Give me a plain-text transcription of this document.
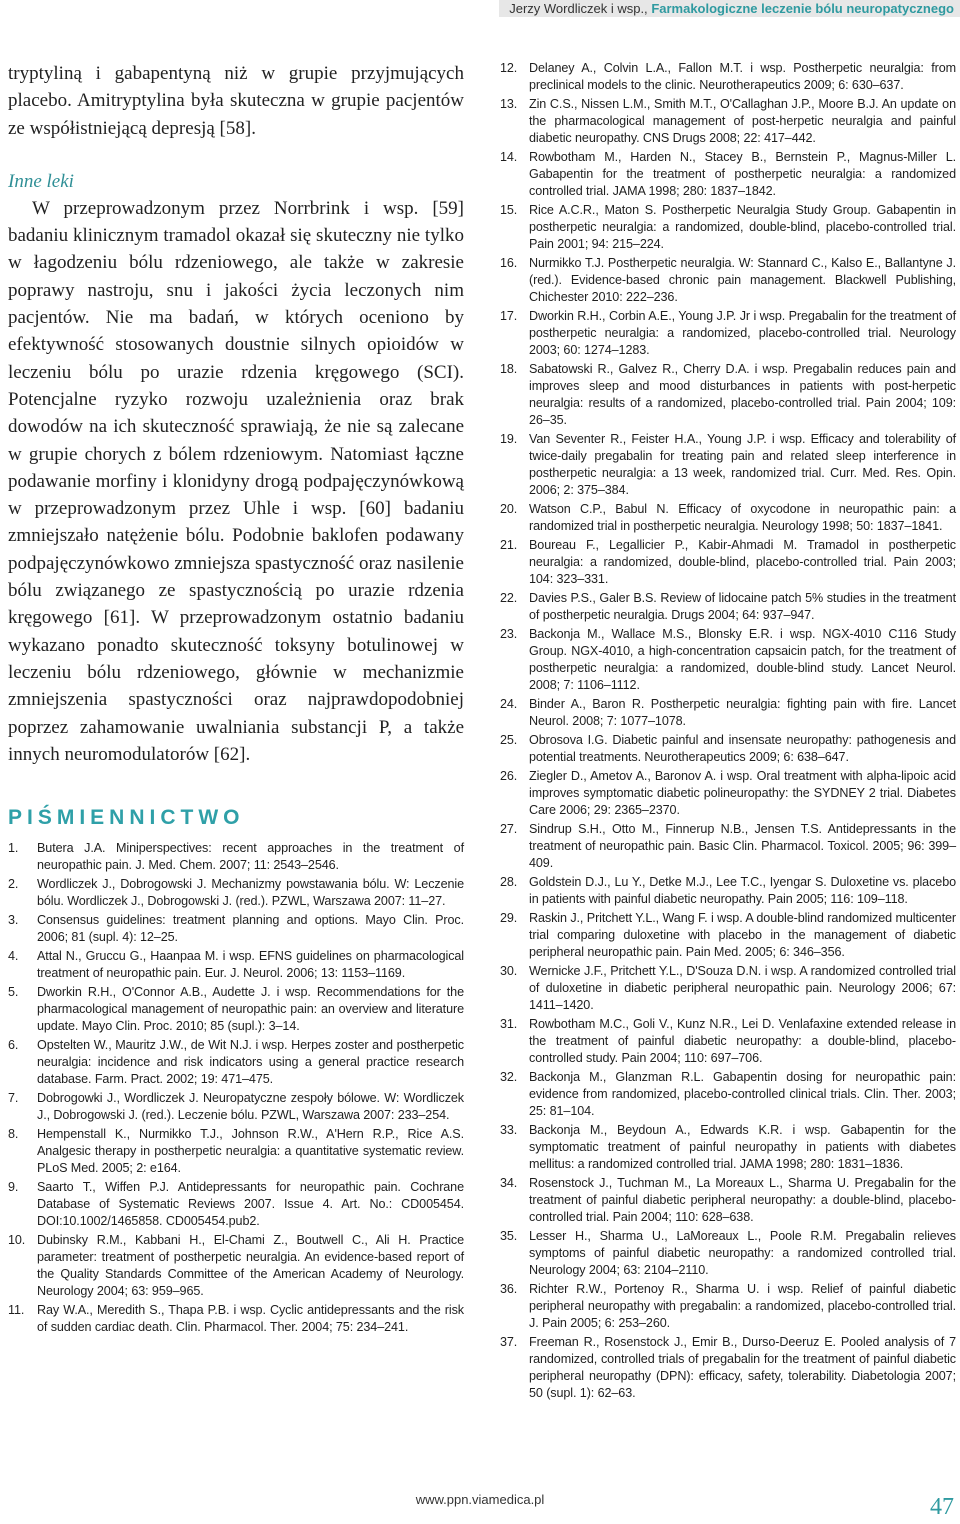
Jerzy Wordliczek i wsp., Farmakologiczne leczenie bólu neuropatycznego

tryptyliną i gabapentyną niż w grupie przyjmujących placebo. Amitryptylina była skuteczna w grupie pacjentów ze współistniejącą depresją [58].

Inne leki

W przeprowadzonym przez Norrbrink i wsp. [59] badaniu klinicznym tramadol okazał się skuteczny nie tylko w łagodzeniu bólu rdzeniowego, ale także w zakresie poprawy nastroju, snu i jakości życia leczonych nim pacjentów. Nie ma badań, w których oceniono by efektywność stosowanych doustnie silnych opioidów w leczeniu bólu po urazie rdzenia kręgowego (SCI). Potencjalne ryzyko rozwoju uzależnienia oraz brak dowodów na ich skuteczność sprawiają, że nie są zalecane w grupie chorych z bólem rdzeniowym. Natomiast łączne podawanie morfiny i klonidyny drogą podpajęczynówkową w przeprowadzonym przez Uhle i wsp. [60] badaniu zmniejszało natężenie bólu. Podobnie baklofen podawany podpajęczynówkowo zmniejsza spastyczność oraz nasilenie bólu związanego ze spastycznością po urazie rdzenia kręgowego [61]. W przeprowadzonym ostatnio badaniu wykazano ponadto skuteczność toksyny botulinowej w leczeniu bólu rdzeniowego, głównie w mechanizmie zmniejszenia spastyczności oraz najprawdopodobniej poprzez zahamowanie uwalniania substancji P, a także innych neuromodulatorów [62].

PIŚMIENNICTWO
1.	Butera J.A. Miniperspectives: recent approaches in the treatment of neuropathic pain. J. Med. Chem. 2007; 11: 2543–2546.
2.	Wordliczek J., Dobrogowski J. Mechanizmy powstawania bólu. W: Leczenie bólu. Wordliczek J., Dobrogowski J. (red.). PZWL, Warszawa 2007: 11–27.
3.	Consensus guidelines: treatment planning and options. Mayo Clin. Proc. 2006; 81 (supl. 4): 12–25.
4.	Attal N., Gruccu G., Haanpaa M. i wsp. EFNS guidelines on pharmacological treatment of neuropathic pain. Eur. J. Neurol. 2006; 13: 1153–1169.
5.	Dworkin R.H., O'Connor A.B., Audette J. i wsp. Recommendations for the pharmacological management of neuropathic pain: an overview and literature update. Mayo Clin. Proc. 2010; 85 (supl.): 3–14.
6.	Opstelten W., Mauritz J.W., de Wit N.J. i wsp. Herpes zoster and postherpetic neuralgia: incidence and risk indicators using a general practice research database. Farm. Pract. 2002; 19: 471–475.
7.	Dobrogowki J., Wordliczek J. Neuropatyczne zespoły bólowe. W: Wordliczek J., Dobrogowski J. (red.). Leczenie bólu. PZWL, Warszawa 2007: 233–254.
8.	Hempenstall K., Nurmikko T.J., Johnson R.W., A'Hern R.P., Rice A.S. Analgesic therapy in postherpetic neuralgia: a quantitative systematic review. PLoS Med. 2005; 2: e164.
9.	Saarto T., Wiffen P.J. Antidepressants for neuropathic pain. Cochrane Database of Systematic Reviews 2007. Issue 4. Art. No.: CD005454. DOI:10.1002/1465858. CD005454.pub2.
10. Dubinsky R.M., Kabbani H., El-Chami Z., Boutwell C., Ali H. Practice parameter: treatment of postherpetic neuralgia. An evidence-based report of the Quality Standards Committee of the American Academy of Neurology. Neurology 2004; 63: 959–965.
11.	Ray W.A., Meredith S., Thapa P.B. i wsp. Cyclic antidepressants and the risk of sudden cardiac death. Clin. Pharmacol. Ther. 2004; 75: 234–241.
12. Delaney A., Colvin L.A., Fallon M.T. i wsp. Postherpetic neuralgia: from preclinical models to the clinic. Neurotherapeutics 2009; 6: 630–637.
13. Zin C.S., Nissen L.M., Smith M.T., O'Callaghan J.P., Moore B.J. An update on the pharmacological management of post-herpetic neuralgia and painful diabetic neuropathy. CNS Drugs 2008; 22: 417–442.
14. Rowbotham M., Harden N., Stacey B., Bernstein P., Magnus-Miller L. Gabapentin for the treatment of postherpetic neuralgia: a randomized controlled trial. JAMA 1998; 280: 1837–1842.
15. Rice A.C.R., Maton S. Postherpetic Neuralgia Study Group. Gabapentin in postherpetic neuralgia: a randomized, double-blind, placebo-controlled trial. Pain 2001; 94: 215–224.
16. Nurmikko T.J. Postherpetic neuralgia. W: Stannard C., Kalso E., Ballantyne J. (red.). Evidence-based chronic pain management. Blackwell Publishing, Chichester 2010: 222–236.
17. Dworkin R.H., Corbin A.E., Young J.P. Jr i wsp. Pregabalin for the treatment of postherpetic neuralgia: a randomized, placebo-controlled trial. Neurology 2003; 60: 1274–1283.
18. Sabatowski R., Galvez R., Cherry D.A. i wsp. Pregabalin reduces pain and improves sleep and mood disturbances in patients with post-herpetic neuralgia: results of a randomized, placebo-controlled trial. Pain 2004; 109: 26–35.
19. Van Seventer R., Feister H.A., Young J.P. i wsp. Efficacy and tolerability of twice-daily pregabalin for treating pain and related sleep interference in postherpetic neuralgia: a 13 week, randomized trial. Curr. Med. Res. Opin. 2006; 2: 375–384.
20. Watson C.P., Babul N. Efficacy of oxycodone in neuropathic pain: a randomized trial in postherpetic neuralgia. Neurology 1998; 50: 1837–1841.
21. Boureau F., Legallicier P., Kabir-Ahmadi M. Tramadol in postherpetic neuralgia: a randomized, double-blind, placebo-controlled trial. Pain 2003; 104: 323–331.
22. Davies P.S., Galer B.S. Review of lidocaine patch 5% studies in the treatment of postherpetic neuralgia. Drugs 2004; 64: 937–947.
23. Backonja M., Wallace M.S., Blonsky E.R. i wsp. NGX-4010 C116 Study Group. NGX-4010, a high-concentration capsaicin patch, for the treatment of postherpetic neuralgia: a randomized, double-blind study. Lancet Neurol. 2008; 7: 1106–1112.
24. Binder A., Baron R. Postherpetic neuralgia: fighting pain with fire. Lancet Neurol. 2008; 7: 1077–1078.
25. Obrosova I.G. Diabetic painful and insensate neuropathy: pathogenesis and potential treatments. Neurotherapeutics 2009; 6: 638–647.
26. Ziegler D., Ametov A., Baronov A. i wsp. Oral treatment with alpha-lipoic acid improves symptomatic diabetic polineuropathy: the SYDNEY 2 trial. Diabetes Care 2006; 29: 2365–2370.
27. Sindrup S.H., Otto M., Finnerup N.B., Jensen T.S. Antidepressants in the treatment of neuropathic pain. Basic Clin. Pharmacol. Toxicol. 2005; 96: 399–409.
28. Goldstein D.J., Lu Y., Detke M.J., Lee T.C., Iyengar S. Duloxetine vs. placebo in patients with painful diabetic neuropathy. Pain 2005; 116: 109–118.
29. Raskin J., Pritchett Y.L., Wang F. i wsp. A double-blind randomized multicenter trial comparing duloxetine with placebo in the management of diabetic peripheral neuropathic pain. Pain Med. 2005; 6: 346–356.
30. Wernicke J.F., Pritchett Y.L., D'Souza D.N. i wsp. A randomized controlled trial of duloxetine in diabetic peripheral neuropathic pain. Neurology 2006; 67: 1411–1420.
31. Rowbotham M.C., Goli V., Kunz N.R., Lei D. Venlafaxine extended release in the treatment of painful diabetic neuropathy: a double-blind, placebo-controlled study. Pain 2004; 110: 697–706.
32. Backonja M., Glanzman R.L. Gabapentin dosing for neuropathic pain: evidence from randomized, placebo-controlled clinical trials. Clin. Ther. 2003; 25: 81–104.
33. Backonja M., Beydoun A., Edwards K.R. i wsp. Gabapentin for the symptomatic treatment of painful neuropathy in patients with diabetes mellitus: a randomized controlled trial. JAMA 1998; 280: 1831–1836.
34. Rosenstock J., Tuchman M., La Moreaux L., Sharma U. Pregabalin for the treatment of painful diabetic peripheral neuropathy: a double-blind, placebo-controlled trial. Pain 2004; 110: 628–638.
35. Lesser H., Sharma U., LaMoreaux L., Poole R.M. Pregabalin relieves symptoms of painful diabetic neuropathy: a randomized controlled trial. Neurology 2004; 63: 2104–2110.
36. Richter R.W., Portenoy R., Sharma U. i wsp. Relief of painful diabetic peripheral neuropathy with pregabalin: a randomized, placebo-controlled trial. J. Pain 2005; 6: 253–260.
37. Freeman R., Rosenstock J., Emir B., Durso-Deeruz E. Pooled analysis of 7 randomized, controlled trials of pregabalin for the treatment of painful diabetic peripheral neuropathy (DPN): efficacy, safety, tolerability. Diabetologia 2007; 50 (supl. 1): 62–63.
www.ppn.viamedica.pl	47
